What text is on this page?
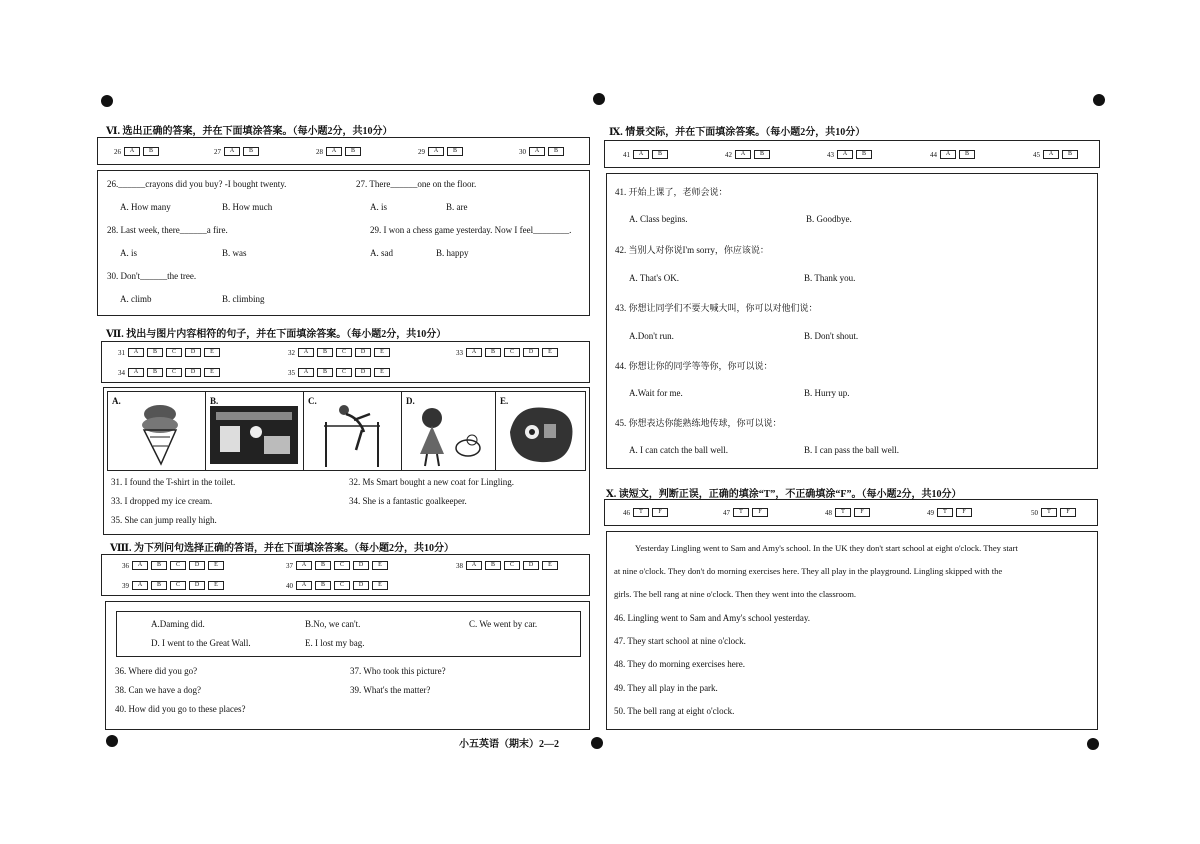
Ⅵ. 选出正确的答案，并在下面填涂答案。（每小题2分，共10分）
26	A	B	27	A	B	28	A	B	29	A	B	30	A	B
26.______crayons did you buy? -I bought twenty.	27. There______one on the floor.
A. How many	B. How much	A. is	B. are
28. Last week, there______a fire.	29. I won a chess game yesterday. Now I feel________.
A. is	B. was	A. sad	B. happy
30. Don't______the tree.
A. climb	B. climbing
Ⅶ. 找出与图片内容相符的句子，并在下面填涂答案。（每小题2分，共10分）
31	A	B	C	D	E	32	A	B	C	D	E	33	A	B	C	D	E
34	A	B	C	D	E	35	A	B	C	D	E
A.	B.	C.	D.	E.
31. I found the T-shirt in the toilet.	32. Ms Smart bought a new coat for Lingling.
33. I dropped my ice cream.	34. She is a fantastic goalkeeper.
35. She can jump really high.
Ⅷ. 为下列问句选择正确的答语，并在下面填涂答案。（每小题2分，共10分）
36	A	B	C	D	E	37	A	B	C	D	E	38	A	B	C	D	E
39	A	B	C	D	E	40	A	B	C	D	E
A.Daming did.	B.No, we can't.	C. We went by car.
D. I went to the Great Wall.	E. I lost my bag.
36. Where did you go?	37. Who took this picture?
38. Can we have a dog?	39. What's the matter?
40. How did you go to these places?
Ⅸ. 情景交际，并在下面填涂答案。（每小题2分，共10分）
41	A	B	42	A	B	43	A	B	44	A	B	45	A	B
41. 开始上课了，老师会说：
A. Class begins.	B. Goodbye.
42. 当别人对你说I'm sorry，你应该说：
A. That's OK.	B. Thank you.
43. 你想让同学们不要大喊大叫，你可以对他们说：
A.Don't run.	B. Don't shout.
44. 你想让你的同学等等你，你可以说：
A.Wait for me.	B. Hurry up.
45. 你想表达你能熟练地传球，你可以说：
A. I can catch the ball well.	B. I can pass the ball well.
Ⅹ. 读短文，判断正误，正确的填涂“T”，不正确填涂“F”。（每小题2分，共10分）
46	T	F	47	T	F	48	T	F	49	T	F	50	T	F
Yesterday Lingling went to Sam and Amy's school. In the UK they don't start school at eight o'clock. They start
at nine o'clock. They don't do morning exercises here. They all play in the playground. Lingling skipped with the
girls. The bell rang at nine o'clock. Then they went into the classroom.
46. Lingling went to Sam and Amy's school yesterday.
47. They start school at nine o'clock.
48. They do morning exercises here.
49. They all play in the park.
50. The bell rang at eight o'clock.
小五英语（期末）2—2
